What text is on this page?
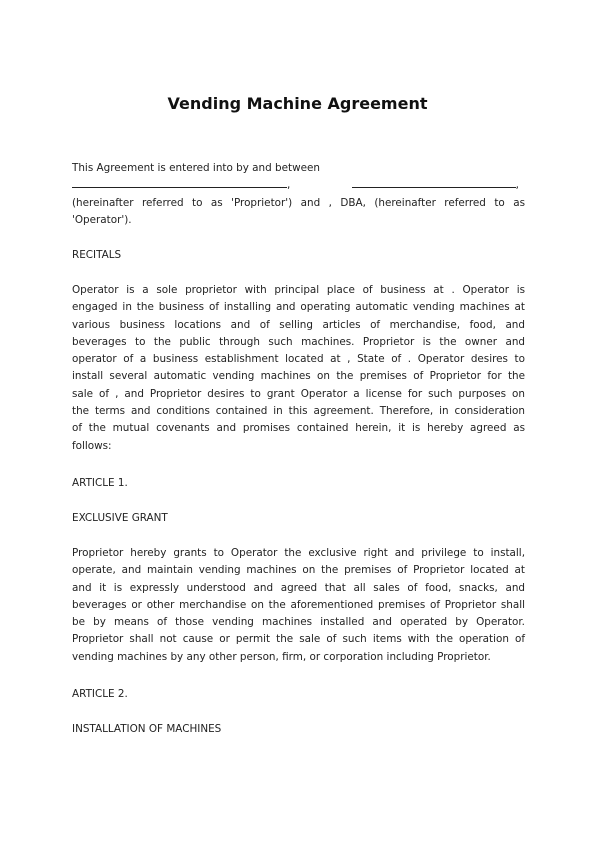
Vending Machine Agreement
This Agreement is entered into by and between
,	,
(hereinafter referred to as 'Proprietor') and , DBA, (hereinafter referred to as
'Operator').
RECITALS
Operator is a sole proprietor with principal place of business at . Operator is
engaged in the business of installing and operating automatic vending machines at
various business locations and of selling articles of merchandise, food, and
beverages to the public through such machines. Proprietor is the owner and
operator of a business establishment located at , State of . Operator desires to
install several automatic vending machines on the premises of Proprietor for the
sale of , and Proprietor desires to grant Operator a license for such purposes on
the terms and conditions contained in this agreement. Therefore, in consideration
of the mutual covenants and promises contained herein, it is hereby agreed as
follows:
ARTICLE 1.
EXCLUSIVE GRANT
Proprietor hereby grants to Operator the exclusive right and privilege to install,
operate, and maintain vending machines on the premises of Proprietor located at
and it is expressly understood and agreed that all sales of food, snacks, and
beverages or other merchandise on the aforementioned premises of Proprietor shall
be by means of those vending machines installed and operated by Operator.
Proprietor shall not cause or permit the sale of such items with the operation of
vending machines by any other person, firm, or corporation including Proprietor.
ARTICLE 2.
INSTALLATION OF MACHINES
